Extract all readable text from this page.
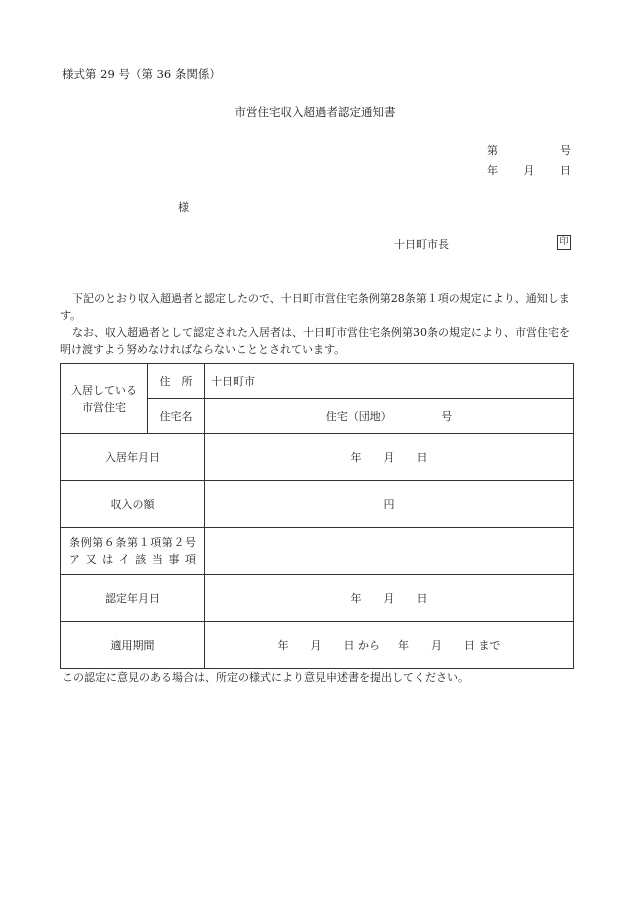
様式第 29 号（第 36 条関係）
市営住宅収入超過者認定通知書
第	号
年 月 日
様
十日町市長	印

下記のとおり収入超過者と認定したので、十日町市営住宅条例第28条第１項の規定により、通知します。

なお、収入超過者として認定された入居者は、十日町市営住宅条例第30条の規定により、市営住宅を明け渡すよう努めなければならないこととされています。

入居している市営住宅	住　所	十日町市
	住宅名	住宅（団地）　　　　　号
入居年月日		年　　月　　日
収入の額		円
条例第６条第１項第２号ア又はイ該当事項		
認定年月日		年　　月　　日
適用期間		年　　月　　日 から 年　　月　　日 まで
この認定に意見のある場合は、所定の様式により意見申述書を提出してください。
